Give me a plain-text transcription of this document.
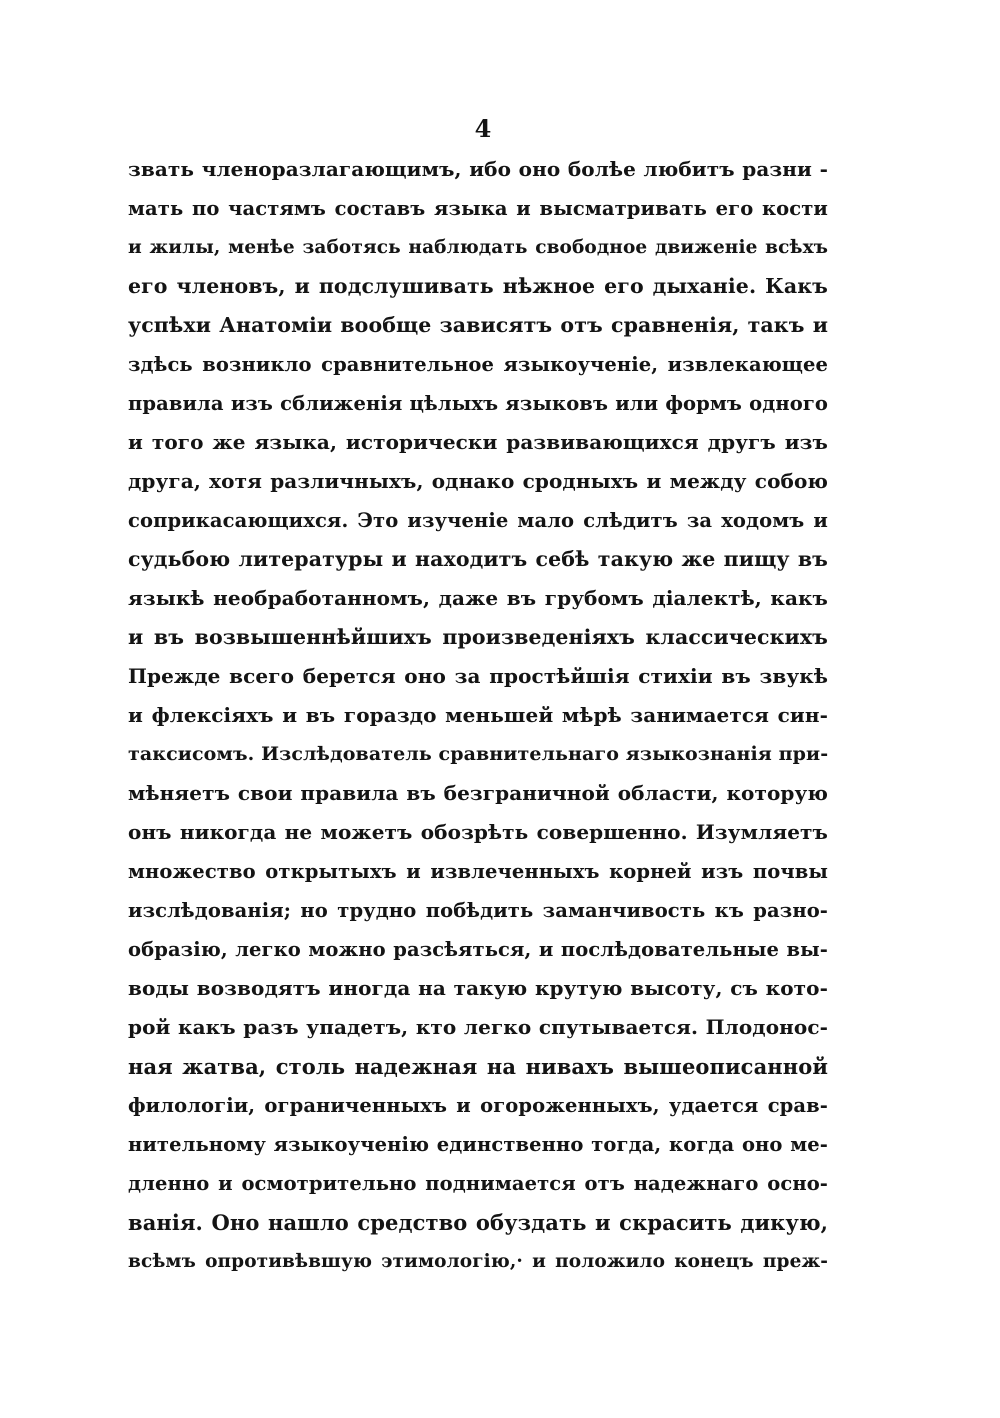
4
звать членоразлагающимъ, ибо оно болѣе любитъ разни -
мать по частямъ составъ языка и высматривать его кости
и жилы, менѣе заботясь наблюдать свободное движенiе всѣхъ
его членовъ, и подслушивать нѣжное его дыханiе. Какъ
успѣхи Анатомiи вообще зависятъ отъ сравненiя, такъ и
здѣсь возникло сравнительное языкоученiе, извлекающее
правила изъ сближенiя цѣлыхъ языковъ или формъ одного
и того же языка, исторически развивающихся другъ изъ
друга, хотя различныхъ, однако сродныхъ и между собою
соприкасающихся. Это изученiе мало слѣдитъ за ходомъ и
судьбою литературы и находитъ себѣ такую же пищу въ
языкѣ необработанномъ, даже въ грубомъ дiалектѣ, какъ
и въ возвышеннѣйшихъ произведенiяхъ классическихъ
Прежде всего берется оно за простѣйшiя стихiи въ звукѣ
и флексiяхъ и въ гораздо меньшей мѣрѣ занимается син-
таксисомъ. Изслѣдователь сравнительнаго языкознанiя при-
мѣняетъ свои правила въ безграничной области, которую
онъ никогда не можетъ обозрѣть совершенно. Изумляетъ
множество открытыхъ и извлеченныхъ корней изъ почвы
изслѣдованiя; но трудно побѣдить заманчивость къ разно-
образiю, легко можно разсѣяться, и послѣдовательные вы-
воды возводятъ иногда на такую крутую высоту, съ кото-
рой какъ разъ упадетъ, кто легко спутывается. Плодонос-
ная жатва, столь надежная на нивахъ вышеописанной
филологiи, ограниченныхъ и огороженныхъ, удается срав-
нительному языкоученiю единственно тогда, когда оно ме-
дленно и осмотрительно поднимается отъ надежнаго осно-
ванiя. Оно нашло средство обуздать и скрасить дикую,
всѣмъ опротивѣвшую этимологiю,· и положило конецъ преж-
